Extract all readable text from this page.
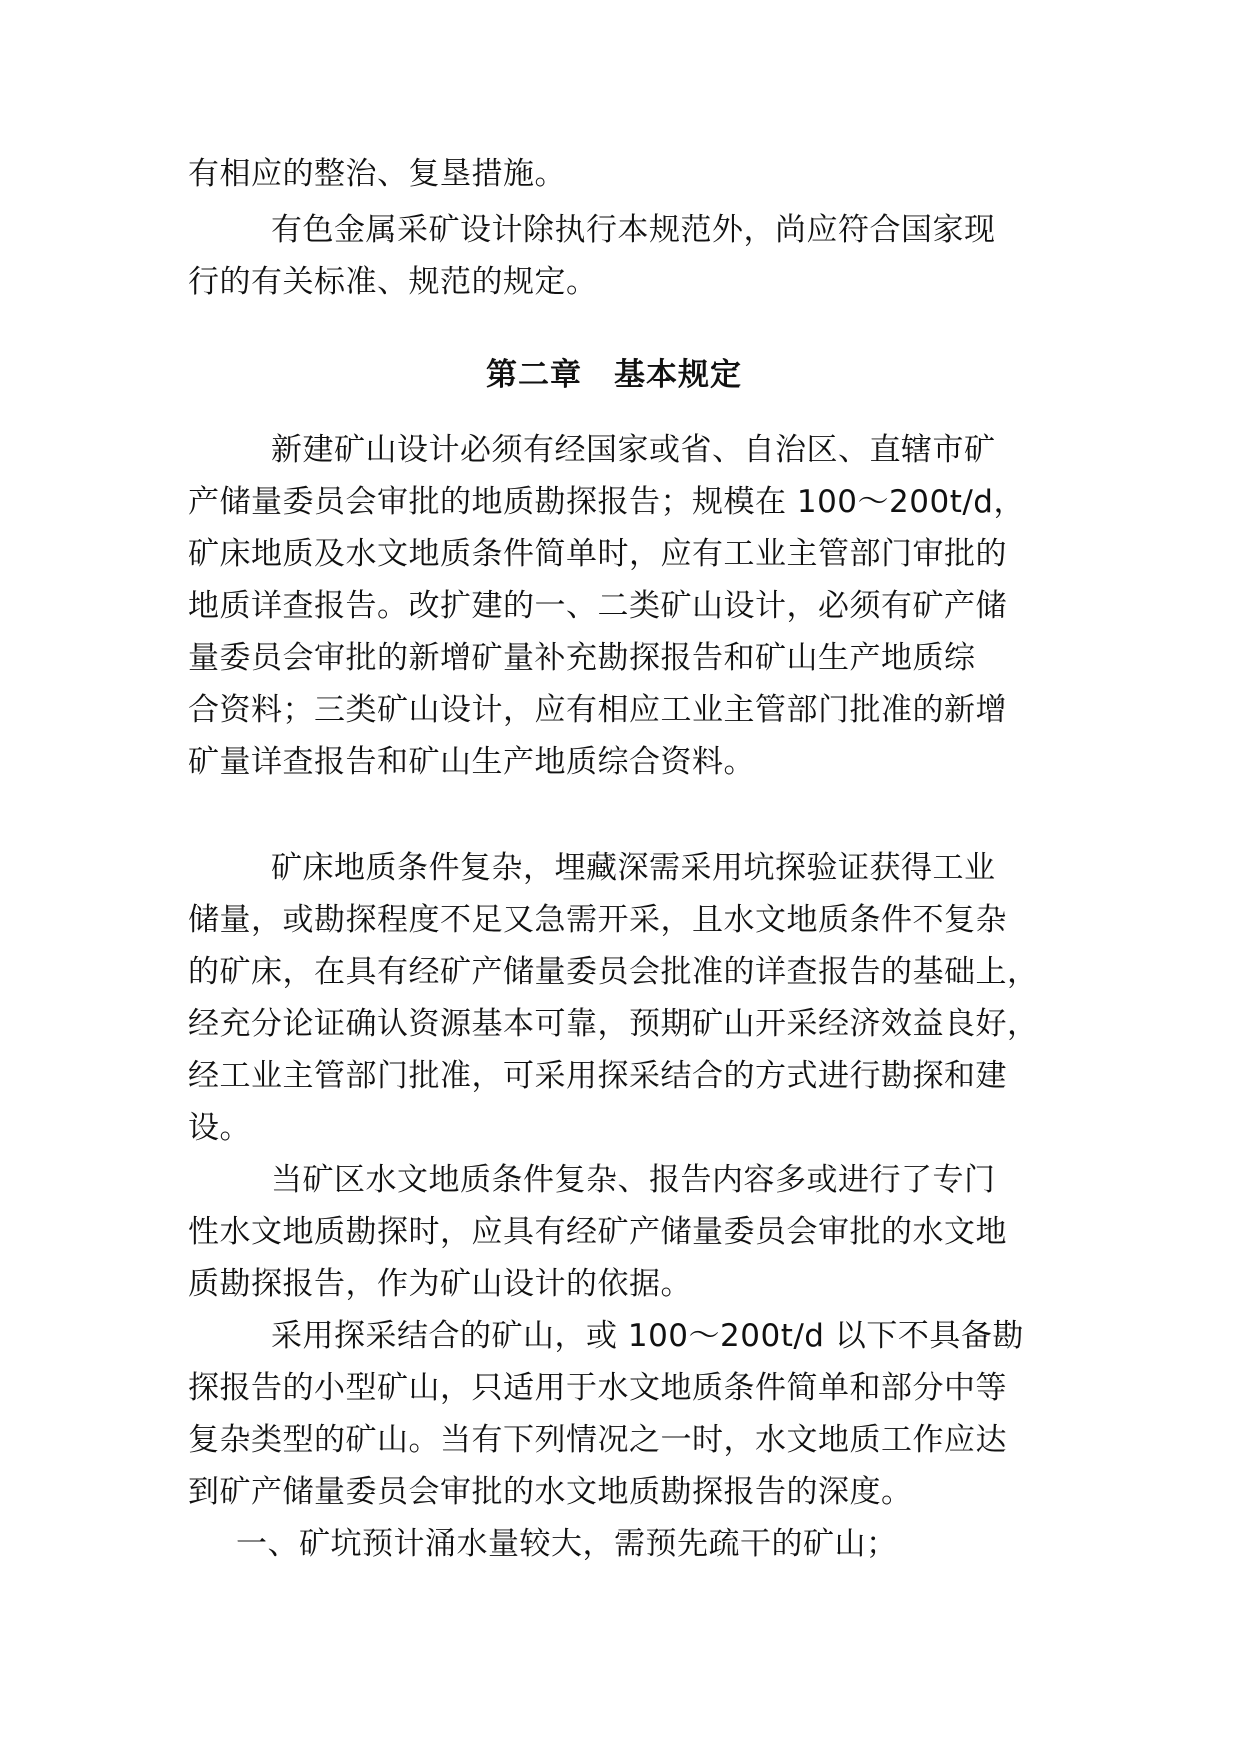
有相应的整治、复垦措施。
有色金属采矿设计除执行本规范外，尚应符合国家现
行的有关标准、规范的规定。
第二章　基本规定
新建矿山设计必须有经国家或省、自治区、直辖市矿
产储量委员会审批的地质勘探报告；规模在 100～200t/d，
矿床地质及水文地质条件简单时，应有工业主管部门审批的
地质详查报告。改扩建的一、二类矿山设计，必须有矿产储
量委员会审批的新增矿量补充勘探报告和矿山生产地质综
合资料；三类矿山设计，应有相应工业主管部门批准的新增
矿量详查报告和矿山生产地质综合资料。
矿床地质条件复杂，埋藏深需采用坑探验证获得工业
储量，或勘探程度不足又急需开采，且水文地质条件不复杂
的矿床，在具有经矿产储量委员会批准的详查报告的基础上，
经充分论证确认资源基本可靠，预期矿山开采经济效益良好，
经工业主管部门批准，可采用探采结合的方式进行勘探和建
设。
当矿区水文地质条件复杂、报告内容多或进行了专门
性水文地质勘探时，应具有经矿产储量委员会审批的水文地
质勘探报告，作为矿山设计的依据。
采用探采结合的矿山，或 100～200t/d 以下不具备勘
探报告的小型矿山，只适用于水文地质条件简单和部分中等
复杂类型的矿山。当有下列情况之一时，水文地质工作应达
到矿产储量委员会审批的水文地质勘探报告的深度。
一、矿坑预计涌水量较大，需预先疏干的矿山；
